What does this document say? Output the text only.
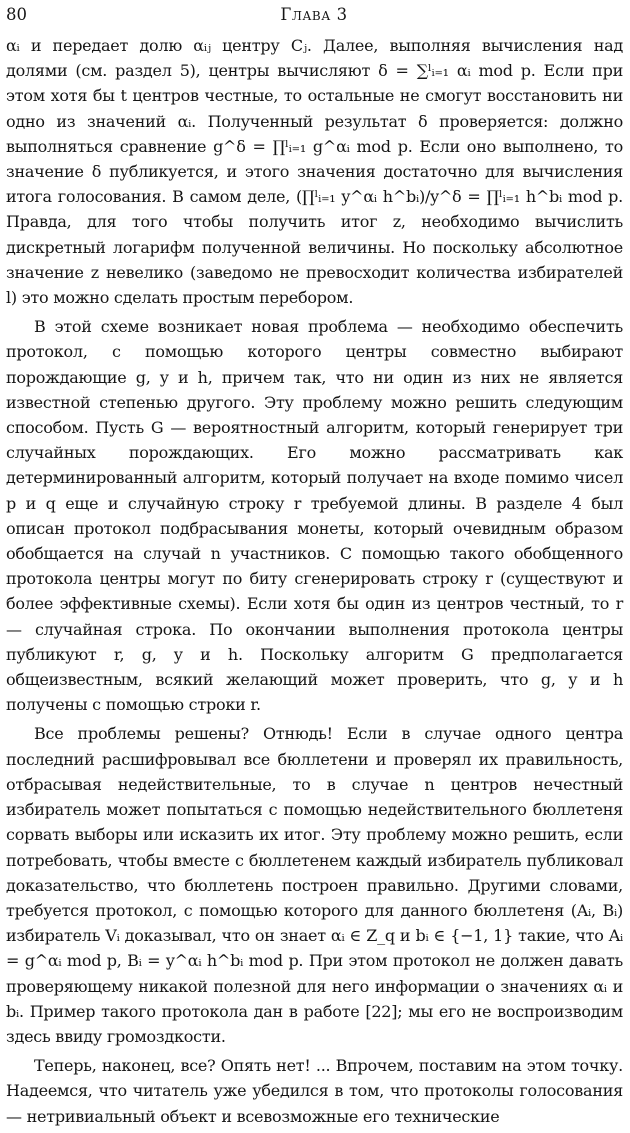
80	Глава 3

αᵢ и передает долю αᵢⱼ центру Cⱼ. Далее, выполняя вычисления над долями (см. раздел 5), центры вычисляют δ = ∑ˡᵢ₌₁ αᵢ mod p. Если при этом хотя бы t центров честные, то остальные не смогут восстановить ни одно из значений αᵢ. Полученный результат δ проверяется: должно выполняться сравнение g^δ = ∏ˡᵢ₌₁ g^αᵢ mod p. Если оно выполнено, то значение δ публикуется, и этого значения достаточно для вычисления итога голосования. В самом деле, (∏ˡᵢ₌₁ y^αᵢ h^bᵢ)/y^δ = ∏ˡᵢ₌₁ h^bᵢ mod p. Правда, для того чтобы получить итог z, необходимо вычислить дискретный логарифм полученной величины. Но поскольку абсолютное значение z невелико (заведомо не превосходит количества избирателей l) это можно сделать простым перебором.

В этой схеме возникает новая проблема — необходимо обеспечить протокол, с помощью которого центры совместно выбирают порождающие g, y и h, причем так, что ни один из них не является известной степенью другого. Эту проблему можно решить следующим способом. Пусть G — вероятностный алгоритм, который генерирует три случайных порождающих. Его можно рассматривать как детерминированный алгоритм, который получает на входе помимо чисел p и q еще и случайную строку r требуемой длины. В разделе 4 был описан протокол подбрасывания монеты, который очевидным образом обобщается на случай n участников. С помощью такого обобщенного протокола центры могут по биту сгенерировать строку r (существуют и более эффективные схемы). Если хотя бы один из центров честный, то r — случайная строка. По окончании выполнения протокола центры публикуют r, g, y и h. Поскольку алгоритм G предполагается общеизвестным, всякий желающий может проверить, что g, y и h получены с помощью строки r.

Все проблемы решены? Отнюдь! Если в случае одного центра последний расшифровывал все бюллетени и проверял их правильность, отбрасывая недействительные, то в случае n центров нечестный избиратель может попытаться с помощью недействительного бюллетеня сорвать выборы или исказить их итог. Эту проблему можно решить, если потребовать, чтобы вместе с бюллетенем каждый избиратель публиковал доказательство, что бюллетень построен правильно. Другими словами, требуется протокол, с помощью которого для данного бюллетеня (Aᵢ, Bᵢ) избиратель Vᵢ доказывал, что он знает αᵢ ∈ Z_q и bᵢ ∈ {−1, 1} такие, что Aᵢ = g^αᵢ mod p, Bᵢ = y^αᵢ h^bᵢ mod p. При этом протокол не должен давать проверяющему никакой полезной для него информации о значениях αᵢ и bᵢ. Пример такого протокола дан в работе [22]; мы его не воспроизводим здесь ввиду громоздкости.

Теперь, наконец, все? Опять нет! ... Впрочем, поставим на этом точку. Надеемся, что читатель уже убедился в том, что протоколы голосования — нетривиальный объект и всевозможные его технические
